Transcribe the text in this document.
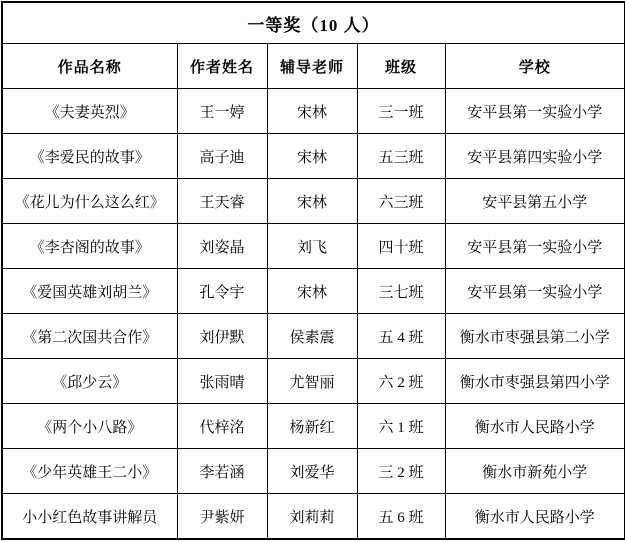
一等奖（10 人）				
作品名称	作者姓名	辅导老师	班级	学校
《夫妻英烈》	王一婷	宋林	三一班	安平县第一实验小学
《李爱民的故事》	高子迪	宋林	五三班	安平县第四实验小学
《花儿为什么这么红》	王天睿	宋林	六三班	安平县第五小学
《李杏阁的故事》	刘姿晶	刘飞	四十班	安平县第一实验小学
《爱国英雄刘胡兰》	孔令宇	宋林	三七班	安平县第一实验小学
《第二次国共合作》	刘伊默	侯素震	五 4 班	衡水市枣强县第二小学
《邱少云》	张雨晴	尤智丽	六 2 班	衡水市枣强县第四小学
《两个小八路》	代梓洺	杨新红	六 1 班	衡水市人民路小学
《少年英雄王二小》	李若涵	刘爱华	三 2 班	衡水市新苑小学
小小红色故事讲解员	尹紫妍	刘莉莉	五 6 班	衡水市人民路小学
